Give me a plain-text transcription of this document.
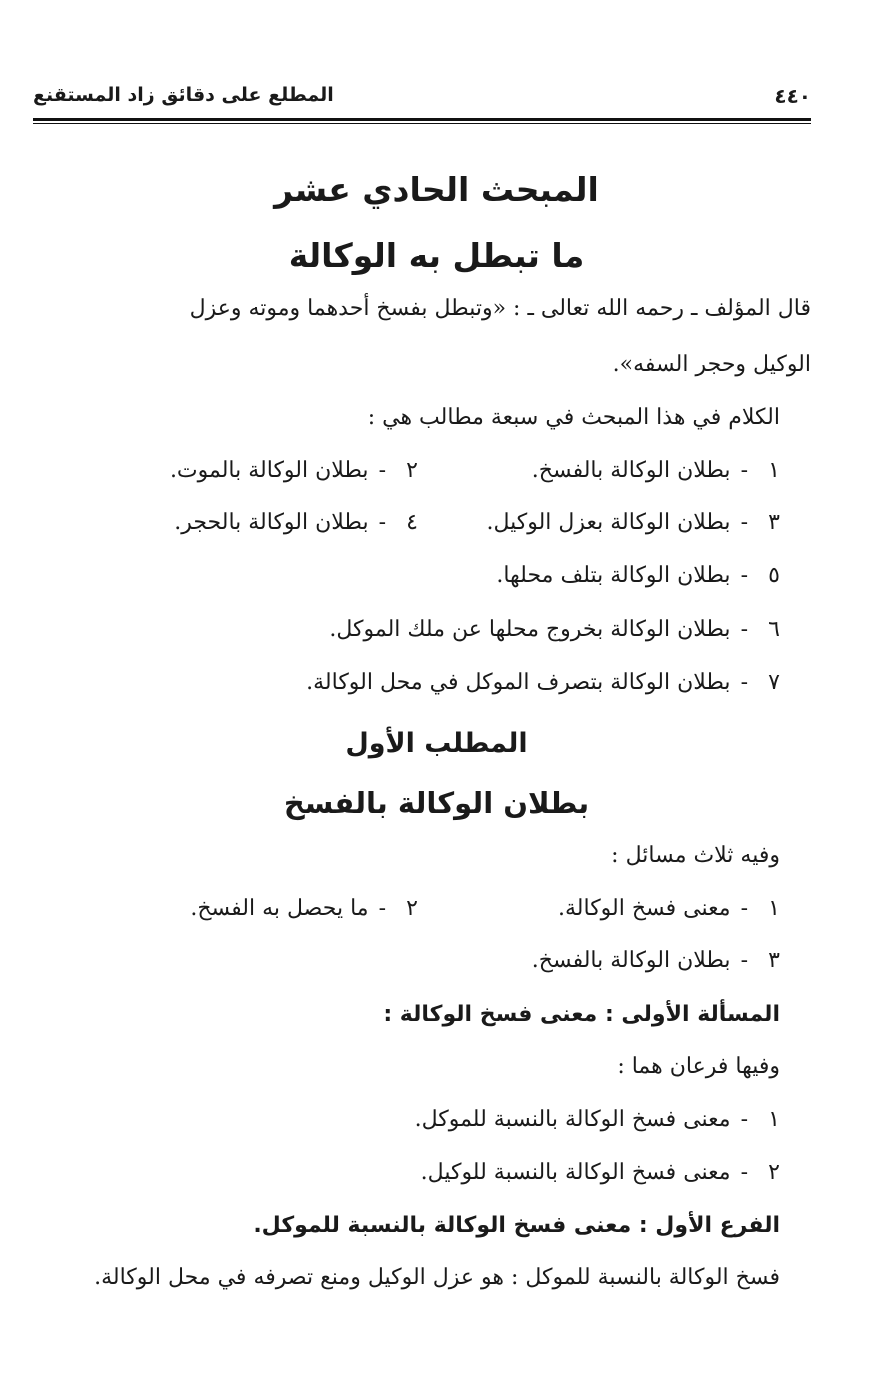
٤٤٠
المطلع على دقائق زاد المستقنع
المبحث الحادي عشر
ما تبطل به الوكالة
قال المؤلف ـ رحمه الله تعالى ـ : «وتبطل بفسخ أحدهما وموته وعزل
الوكيل وحجر السفه».
الكلام في هذا المبحث في سبعة مطالب هي :
١-بطلان الوكالة بالفسخ.
٢-بطلان الوكالة بالموت.
٣-بطلان الوكالة بعزل الوكيل.
٤-بطلان الوكالة بالحجر.
٥-بطلان الوكالة بتلف محلها.
٦-بطلان الوكالة بخروج محلها عن ملك الموكل.
٧-بطلان الوكالة بتصرف الموكل في محل الوكالة.
المطلب الأول
بطلان الوكالة بالفسخ
وفيه ثلاث مسائل :
١-معنى فسخ الوكالة.
٢-ما يحصل به الفسخ.
٣-بطلان الوكالة بالفسخ.
المسألة الأولى : معنى فسخ الوكالة :
وفيها فرعان هما :
١-معنى فسخ الوكالة بالنسبة للموكل.
٢-معنى فسخ الوكالة بالنسبة للوكيل.
الفرع الأول : معنى فسخ الوكالة بالنسبة للموكل.
فسخ الوكالة بالنسبة للموكل : هو عزل الوكيل ومنع تصرفه في محل الوكالة.
